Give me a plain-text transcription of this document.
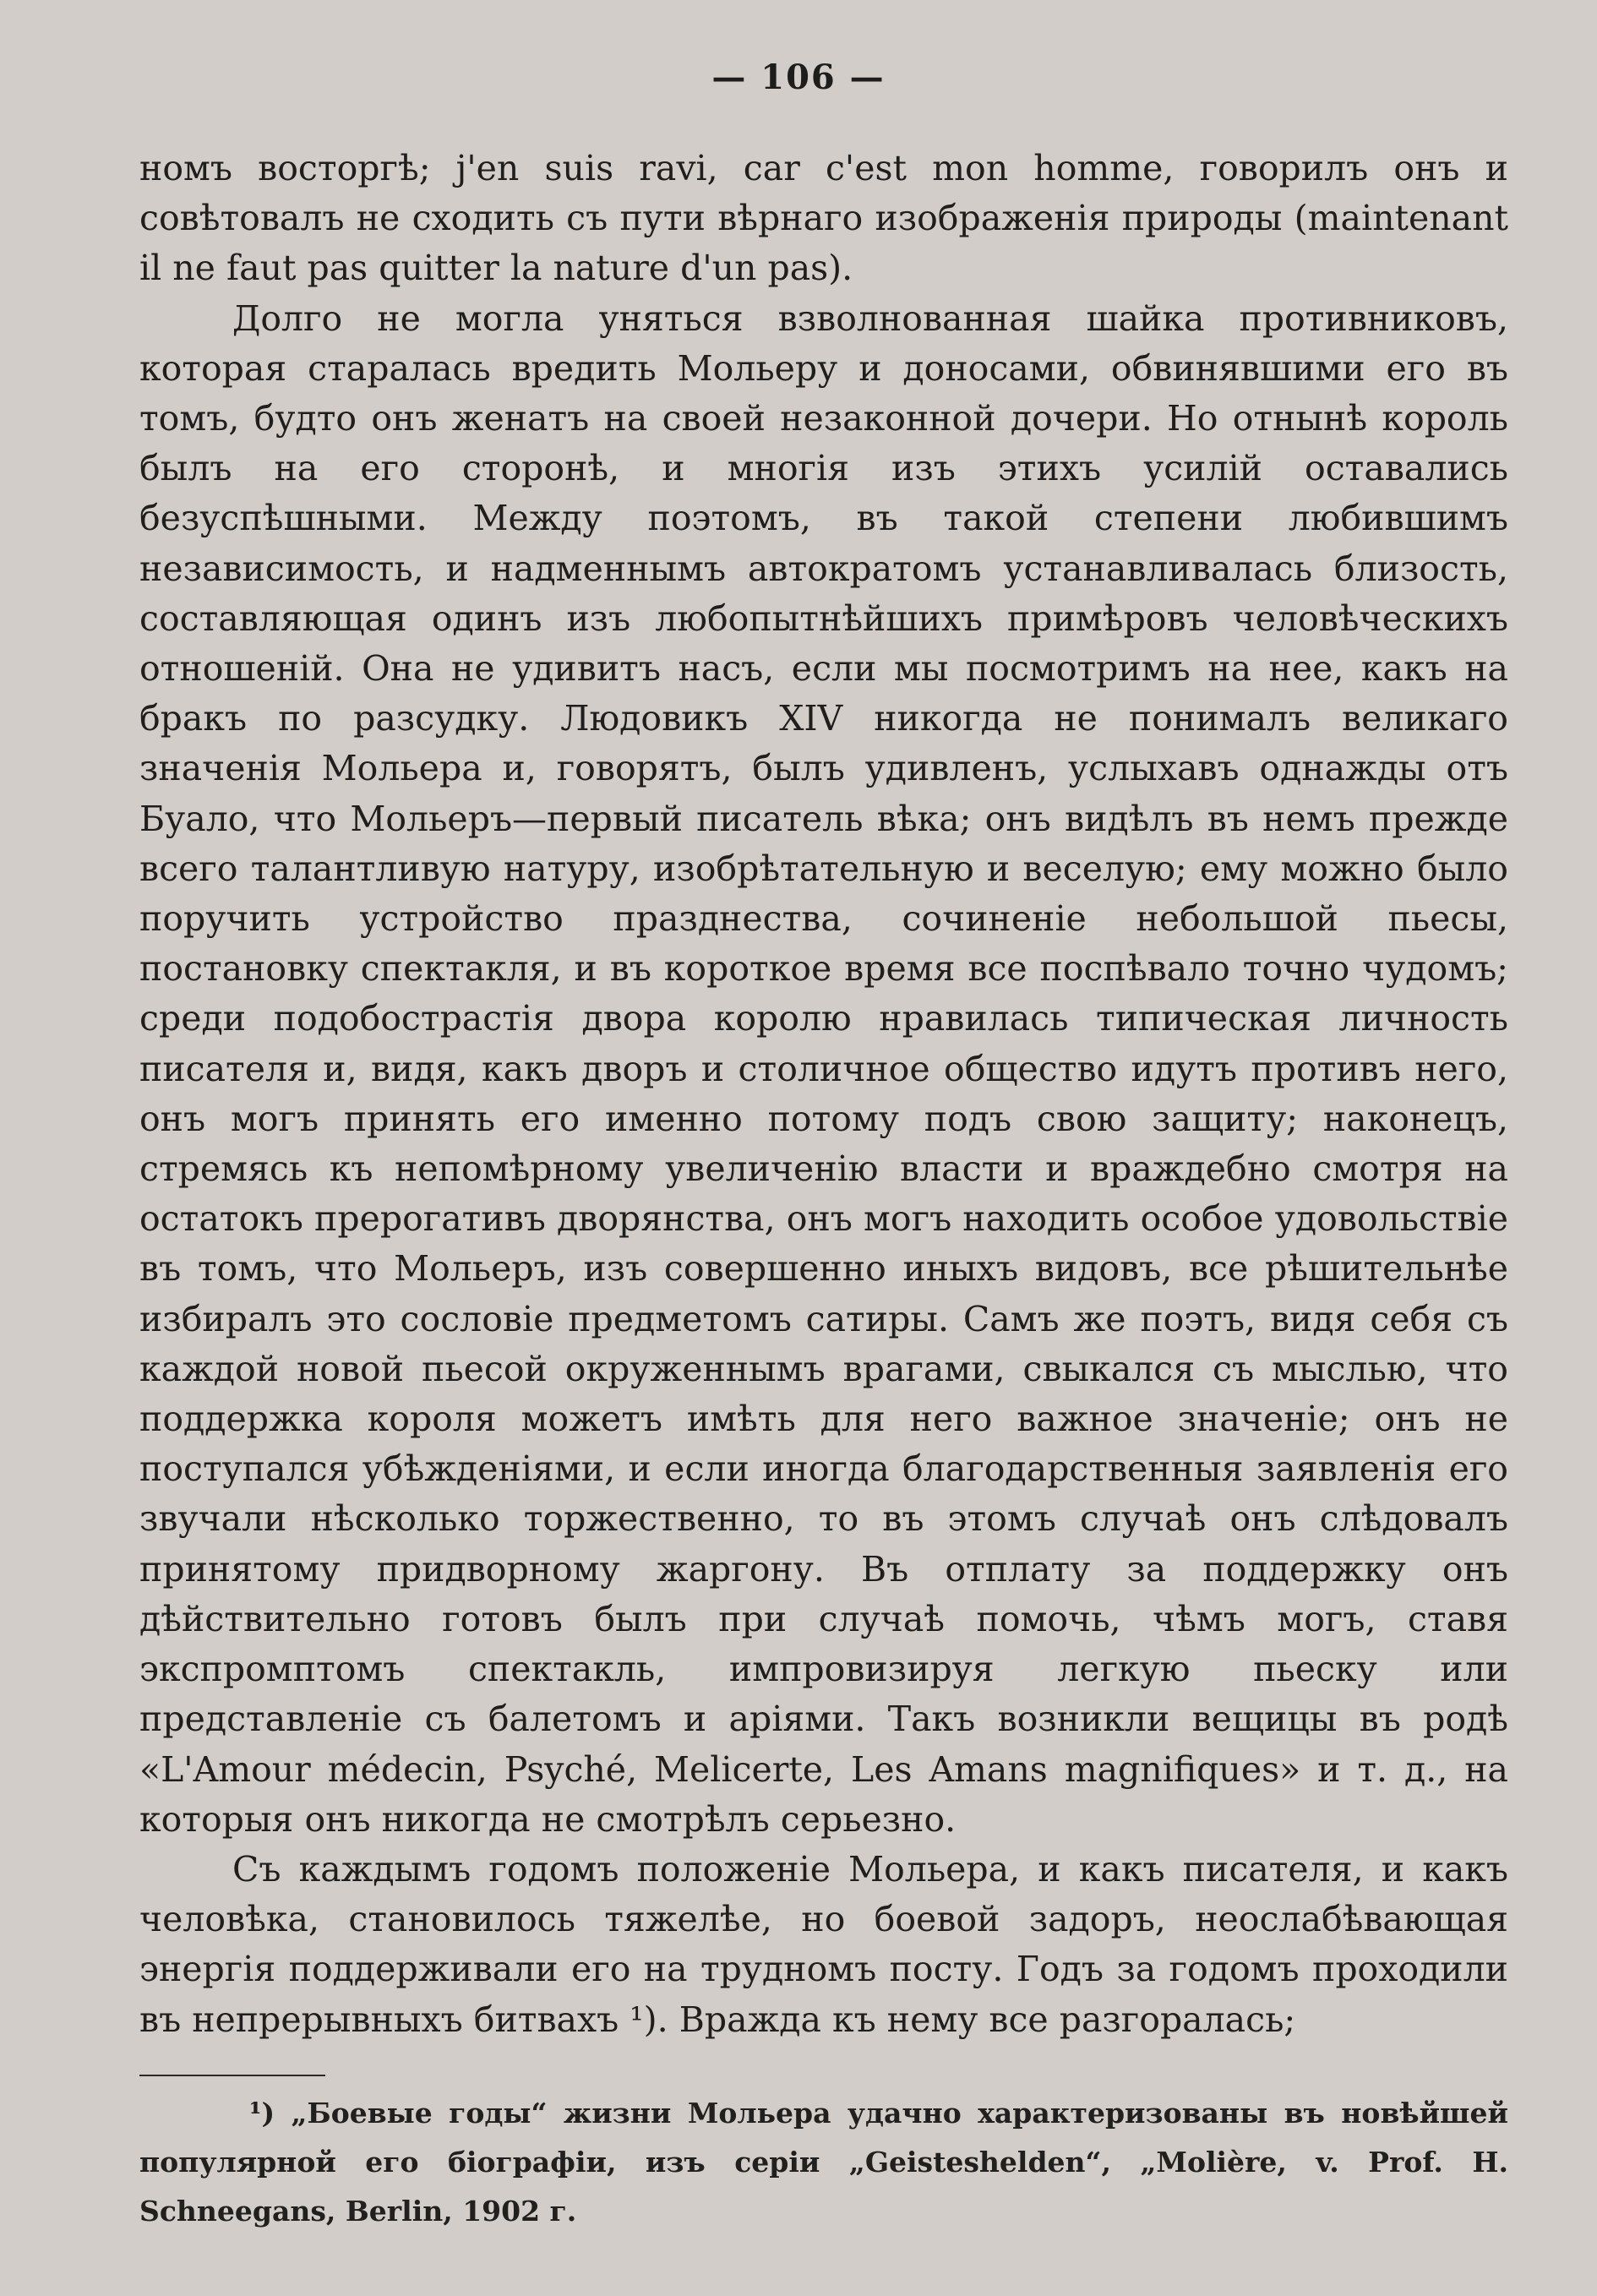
— 106 —

номъ восторгѣ; j'en suis ravi, car c'est mon homme, говорилъ онъ и совѣтовалъ не сходить съ пути вѣрнаго изображенія природы (maintenant il ne faut pas quitter la nature d'un pas).

Долго не могла уняться взволнованная шайка противниковъ, которая старалась вредить Мольеру и доносами, обвинявшими его въ томъ, будто онъ женатъ на своей незаконной дочери. Но отнынѣ король былъ на его сторонѣ, и многія изъ этихъ усилій оставались безуспѣшными. Между поэтомъ, въ такой степени любившимъ независимость, и надменнымъ автократомъ устанавливалась близость, составляющая одинъ изъ любопытнѣйшихъ примѣровъ человѣческихъ отношеній. Она не удивитъ насъ, если мы посмотримъ на нее, какъ на бракъ по разсудку. Людовикъ XIV никогда не понималъ великаго значенія Мольера и, говорятъ, былъ удивленъ, услыхавъ однажды отъ Буало, что Мольеръ—первый писатель вѣка; онъ видѣлъ въ немъ прежде всего талантливую натуру, изобрѣтательную и веселую; ему можно было поручить устройство празднества, сочиненіе небольшой пьесы, постановку спектакля, и въ короткое время все поспѣвало точно чудомъ; среди подобострастія двора королю нравилась типическая личность писателя и, видя, какъ дворъ и столичное общество идутъ противъ него, онъ могъ принять его именно потому подъ свою защиту; наконецъ, стремясь къ непомѣрному увеличенію власти и враждебно смотря на остатокъ прерогативъ дворянства, онъ могъ находить особое удовольствіе въ томъ, что Мольеръ, изъ совершенно иныхъ видовъ, все рѣшительнѣе избиралъ это сословіе предметомъ сатиры. Самъ же поэтъ, видя себя съ каждой новой пьесой окруженнымъ врагами, свыкался съ мыслью, что поддержка короля можетъ имѣть для него важное значеніе; онъ не поступался убѣжденіями, и если иногда благодарственныя заявленія его звучали нѣсколько торжественно, то въ этомъ случаѣ онъ слѣдовалъ принятому придворному жаргону. Въ отплату за поддержку онъ дѣйствительно готовъ былъ при случаѣ помочь, чѣмъ могъ, ставя экспромптомъ спектакль, импровизируя легкую пьеску или представленіе съ балетомъ и аріями. Такъ возникли вещицы въ родѣ «L'Amour médecin, Psyché, Melicerte, Les Amans magnifiques» и т. д., на которыя онъ никогда не смотрѣлъ серьезно.

Съ каждымъ годомъ положеніе Мольера, и какъ писателя, и какъ человѣка, становилось тяжелѣе, но боевой задоръ, неослабѣвающая энергія поддерживали его на трудномъ посту. Годъ за годомъ проходили въ непрерывныхъ битвахъ ¹). Вражда къ нему все разгоралась;

¹) „Боевые годы“ жизни Мольера удачно характеризованы въ новѣйшей популярной его біографіи, изъ серіи „Geisteshelden“, „Molière, v. Prof. H. Schneegans, Berlin, 1902 г.
